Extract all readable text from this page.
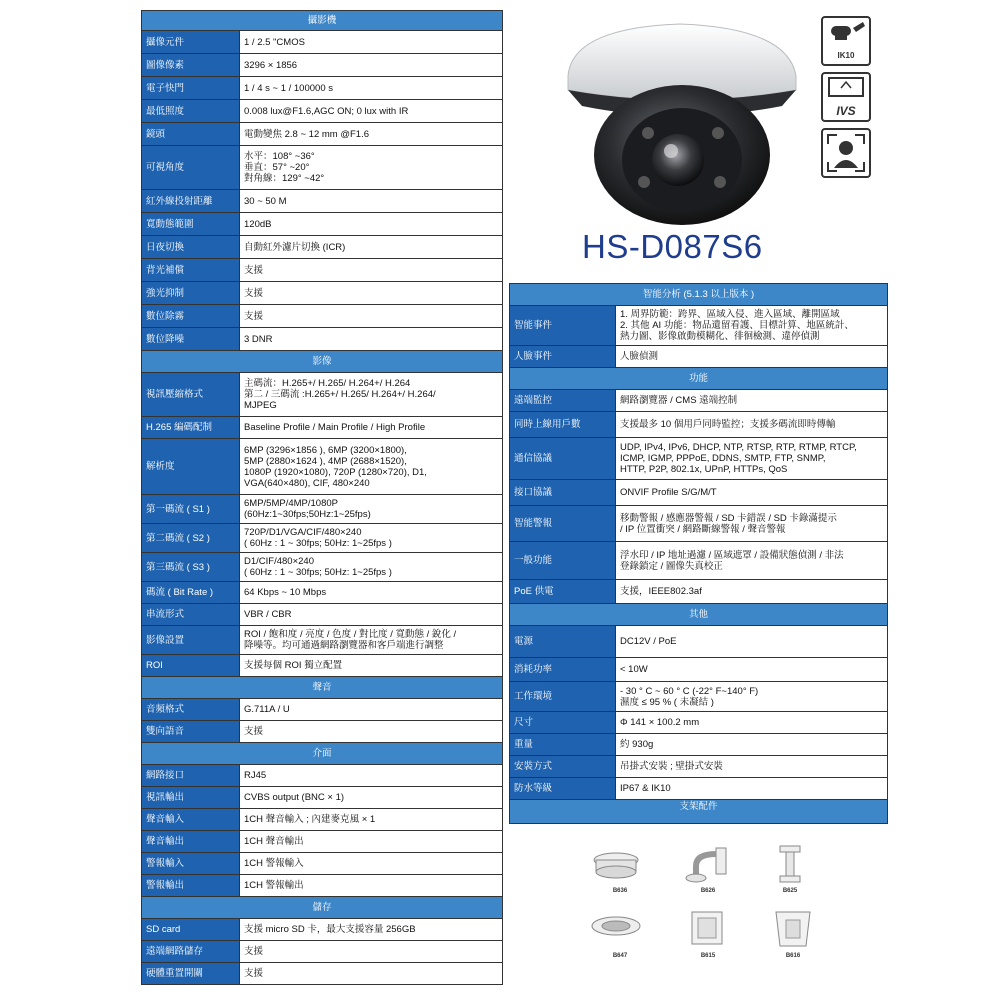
攝影機	
攝像元件	1 / 2.5 "CMOS
圖像像素	3296 × 1856
電子快門	1 / 4 s ~ 1 / 100000 s
最低照度	0.008 lux@F1.6,AGC ON; 0 lux with IR
鏡頭	電動變焦 2.8 ~ 12 mm @F1.6
可視角度	水平：108° ~36°
垂直：57° ~20°
對角線：129° ~42°
紅外線投射距離	30 ~ 50 M
寬動態範圍	120dB
日夜切換	自動紅外濾片切換 (ICR)
背光補償	支援
強光抑制	支援
數位除霧	支援
數位降噪	3 DNR
影像	
視訊壓縮格式	主碼流：H.265+/ H.265/ H.264+/ H.264
第二 / 三碼流 :H.265+/ H.265/ H.264+/ H.264/
MJPEG
H.265 編碼配制	Baseline Profile / Main Profile / High Profile
解析度	6MP (3296×1856 ), 6MP (3200×1800),
5MP (2880×1624 ), 4MP (2688×1520),
1080P (1920×1080), 720P (1280×720), D1,
VGA(640×480), CIF, 480×240
第一碼流 ( S1 )	6MP/5MP/4MP/1080P
(60Hz:1~30fps;50Hz:1~25fps)
第二碼流 ( S2 )	720P/D1/VGA/CIF/480×240
( 60Hz : 1 ~ 30fps; 50Hz: 1~25fps )
第三碼流 ( S3 )	D1/CIF/480×240
( 60Hz : 1 ~ 30fps; 50Hz: 1~25fps )
碼流 ( Bit Rate )	64 Kbps ~ 10 Mbps
串流形式	VBR / CBR
影像設置	ROI / 飽和度 / 亮度 / 色度 / 對比度 / 寬動態 / 銳化 /
降噪等。均可通過網路瀏覽器和客戶端進行調整
ROI	支援每個 ROI 獨立配置
聲音	
音頻格式	G.711A / U
雙向語音	支援
介面	
網路接口	RJ45
視訊輸出	CVBS output (BNC × 1)
聲音輸入	1CH 聲音輸入 ; 內建麥克風 × 1
聲音輸出	1CH 聲音輸出
警報輸入	1CH 警報輸入
警報輸出	1CH 警報輸出
儲存	
SD card	支援 micro SD 卡，最大支援容量 256GB
遠端網路儲存	支援
硬體重置開關	支援
IK10
IVS
HS-D087S6
智能分析 (5.1.3 以上版本 )	
智能事件	1. 周界防範：跨界、區域入侵、進入區域、離開區域
2. 其他 AI 功能：物品遺留看護、目標計算、地區統計、
熱力圖、影像啟動模糊化、徘徊檢測、違停偵測
人臉事件	人臉偵測
功能	
遠端監控	網路瀏覽器 / CMS 遠端控制
同時上線用戶數	支援最多 10 個用戶同時監控；支援多碼流即時傳輸
通信協議	UDP, IPv4, IPv6, DHCP, NTP, RTSP, RTP, RTMP, RTCP,
ICMP, IGMP, PPPoE, DDNS, SMTP, FTP, SNMP,
HTTP, P2P, 802.1x, UPnP, HTTPs, QoS
接口協議	ONVIF Profile S/G/M/T
智能警報	移動警報 / 感應器警報 / SD 卡錯誤 / SD 卡錄滿提示
/ IP 位置衝突 / 網路斷線警報 / 聲音警報
一般功能	浮水印 / IP 地址過濾 / 區域遮罩 / 設備狀態偵測 / 非法
登錄鎖定 / 圖像失真校正
PoE 供電	支援，IEEE802.3af
其他	
電源	DC12V / PoE
消耗功率	< 10W
工作環境	- 30 ° C ~ 60 ° C (-22° F~140° F)
濕度 ≤ 95 % ( 未凝結 )
尺寸	Φ 141 × 100.2 mm
重量	約 930g
安裝方式	吊掛式安裝 ; 壁掛式安裝
防水等級	IP67 & IK10
支架配件	
B636	B626	B625
B647	B615	B616
